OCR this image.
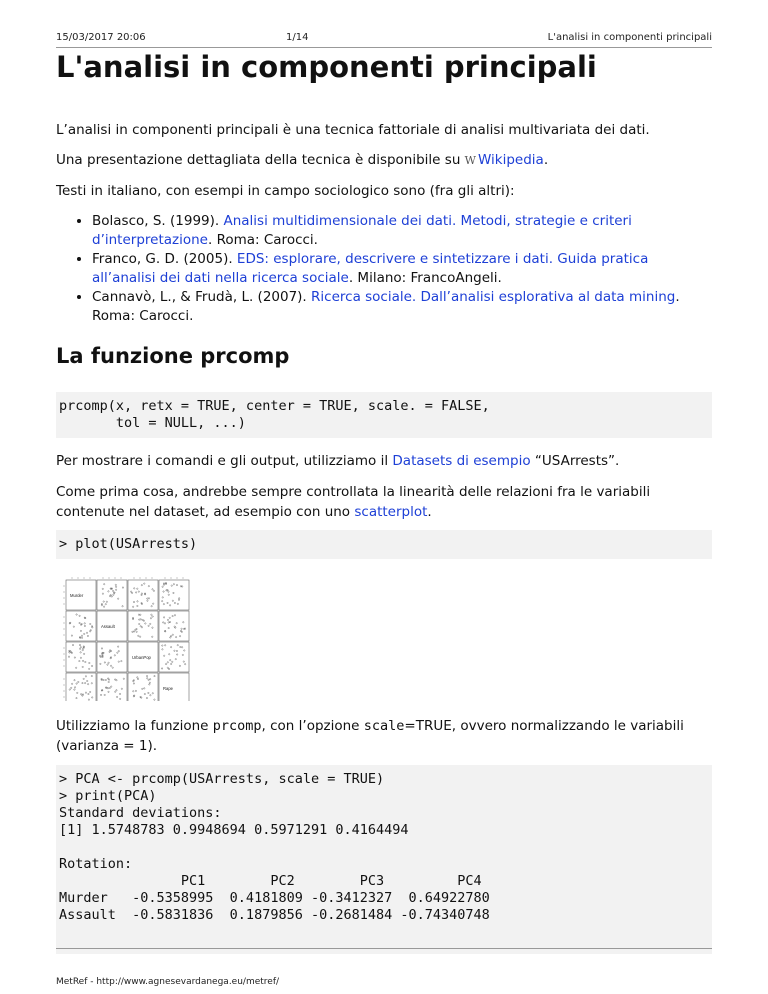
15/03/2017 20:06	1/14	L'analisi in componenti principali
L'analisi in componenti principali

L’analisi in componenti principali è una tecnica fattoriale di analisi multivariata dei dati.

Una presentazione dettagliata della tecnica è disponibile su W Wikipedia.

Testi in italiano, con esempi in campo sociologico sono (fra gli altri):

• Bolasco, S. (1999). Analisi multidimensionale dei dati. Metodi, strategie e criteri d’interpretazione. Roma: Carocci.
• Franco, G. D. (2005). EDS: esplorare, descrivere e sintetizzare i dati. Guida pratica all’analisi dei dati nella ricerca sociale. Milano: FrancoAngeli.
• Cannavò, L., & Frudà, L. (2007). Ricerca sociale. Dall’analisi esplorativa al data mining. Roma: Carocci.
La funzione prcomp
prcomp(x, retx = TRUE, center = TRUE, scale. = FALSE,
tol = NULL, ...)

Per mostrare i comandi e gli output, utilizziamo il Datasets di esempio “USArrests”.

Come prima cosa, andrebbe sempre controllata la linearità delle relazioni fra le variabili contenute nel dataset, ad esempio con uno scatterplot.

> plot(USArrests)
Murder
Assault
UrbanPop
Rape

Utilizziamo la funzione prcomp, con l’opzione scale=TRUE, ovvero normalizzando le variabili (varianza = 1).

> PCA <- prcomp(USArrests, scale = TRUE)
> print(PCA)
Standard deviations:
[1] 1.5748783 0.9948694 0.5971291 0.4164494

Rotation:
PC1        PC2        PC3         PC4
Murder   -0.5358995  0.4181809 -0.3412327  0.64922780
Assault  -0.5831836  0.1879856 -0.2681484 -0.74340748

MetRef - http://www.agnesevardanega.eu/metref/
